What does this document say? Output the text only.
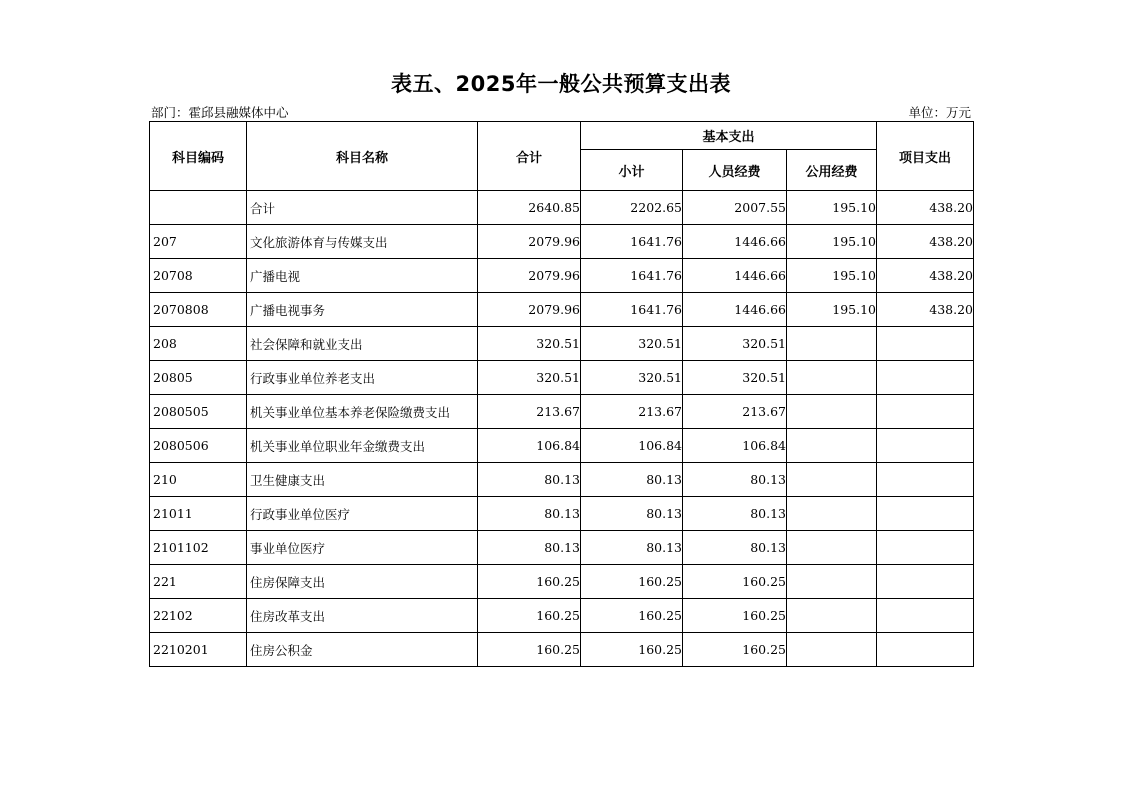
表五、2025年一般公共预算支出表
部门：霍邱县融媒体中心	单位：万元
科目编码	科目名称	合计	基本支出			项目支出
			小计	人员经费	公用经费	
	合计	2640.85	2202.65	2007.55	195.10	438.20
207	文化旅游体育与传媒支出	2079.96	1641.76	1446.66	195.10	438.20
20708	广播电视	2079.96	1641.76	1446.66	195.10	438.20
2070808	广播电视事务	2079.96	1641.76	1446.66	195.10	438.20
208	社会保障和就业支出	320.51	320.51	320.51		
20805	行政事业单位养老支出	320.51	320.51	320.51		
2080505	机关事业单位基本养老保险缴费支出	213.67	213.67	213.67		
2080506	机关事业单位职业年金缴费支出	106.84	106.84	106.84		
210	卫生健康支出	80.13	80.13	80.13		
21011	行政事业单位医疗	80.13	80.13	80.13		
2101102	事业单位医疗	80.13	80.13	80.13		
221	住房保障支出	160.25	160.25	160.25		
22102	住房改革支出	160.25	160.25	160.25		
2210201	住房公积金	160.25	160.25	160.25		
